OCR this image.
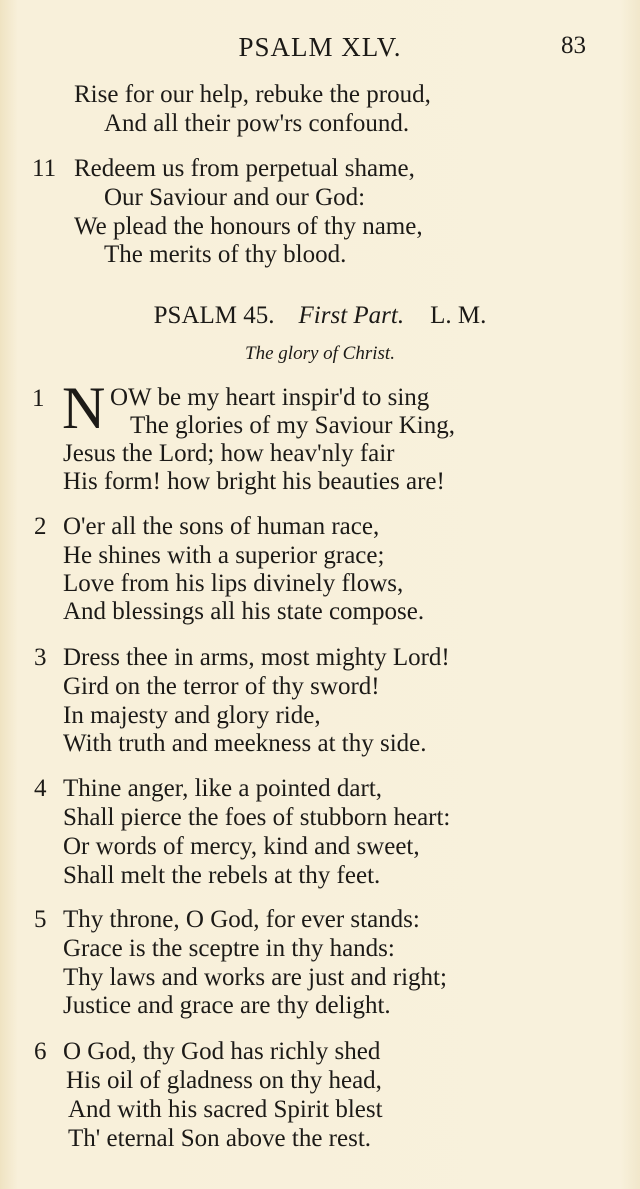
PSALM XLV.	83
Rise for our help, rebuke the proud,
And all their pow'rs confound.
11 Redeem us from perpetual shame,
Our Saviour and our God:
We plead the honours of thy name,
The merits of thy blood.
PSALM 45. First Part. L. M.
The glory of Christ.
1 N OW be my heart inspir'd to sing
The glories of my Saviour King,
Jesus the Lord; how heav'nly fair
His form! how bright his beauties are!
2 O'er all the sons of human race,
He shines with a superior grace;
Love from his lips divinely flows,
And blessings all his state compose.
3 Dress thee in arms, most mighty Lord!
Gird on the terror of thy sword!
In majesty and glory ride,
With truth and meekness at thy side.
4 Thine anger, like a pointed dart,
Shall pierce the foes of stubborn heart:
Or words of mercy, kind and sweet,
Shall melt the rebels at thy feet.
5 Thy throne, O God, for ever stands:
Grace is the sceptre in thy hands:
Thy laws and works are just and right;
Justice and grace are thy delight.
6 O God, thy God has richly shed
His oil of gladness on thy head,
And with his sacred Spirit blest
Th' eternal Son above the rest.
